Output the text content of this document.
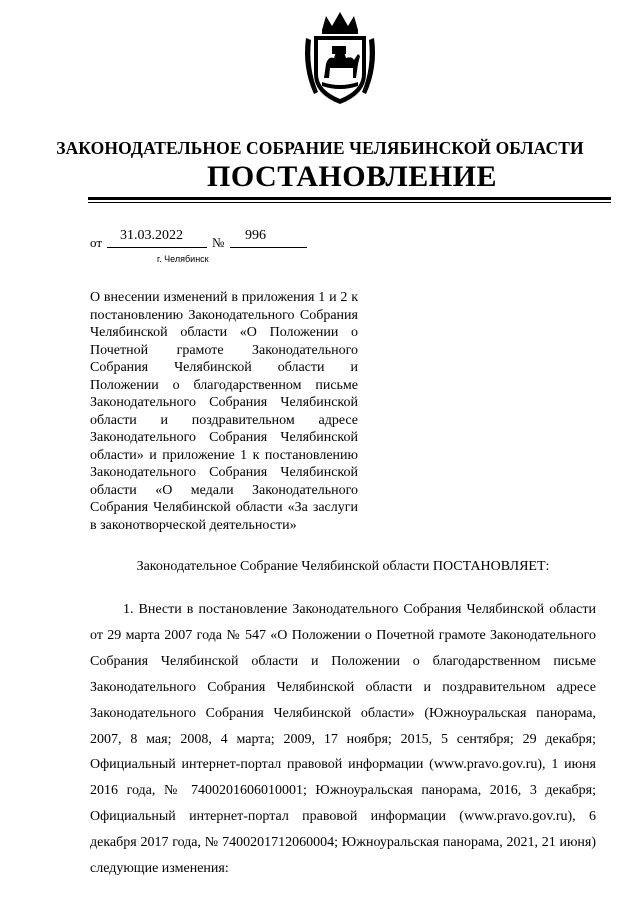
ЗАКОНОДАТЕЛЬНОЕ СОБРАНИЕ ЧЕЛЯБИНСКОЙ ОБЛАСТИ
ПОСТАНОВЛЕНИЕ
от 31.03.2022 № 996
г. Челябинск

О внесении изменений в приложения 1 и 2 к постановлению Законодательного Собрания Челябинской области «О Положении о Почетной грамоте Законодательного Собрания Челябинской области и Положении о благодарственном письме Законодательного Собрания Челябинской области и поздравительном адресе Законодательного Собрания Челябинской области» и приложение 1 к постановлению Законодательного Собрания Челябинской области «О медали Законодательного Собрания Челябинской области «За заслуги в законотворческой деятельности»

Законодательное Собрание Челябинской области ПОСТАНОВЛЯЕТ:

1. Внести в постановление Законодательного Собрания Челябинской области от 29 марта 2007 года № 547 «О Положении о Почетной грамоте Законодательного Собрания Челябинской области и Положении о благодарственном письме Законодательного Собрания Челябинской области и поздравительном адресе Законодательного Собрания Челябинской области» (Южноуральская панорама, 2007, 8 мая; 2008, 4 марта; 2009, 17 ноября; 2015, 5 сентября; 29 декабря; Официальный интернет-портал правовой информации (www.pravo.gov.ru), 1 июня 2016 года, № 7400201606010001; Южноуральская панорама, 2016, 3 декабря; Официальный интернет-портал правовой информации (www.pravo.gov.ru), 6 декабря 2017 года, № 7400201712060004; Южноуральская панорама, 2021, 21 июня) следующие изменения:
